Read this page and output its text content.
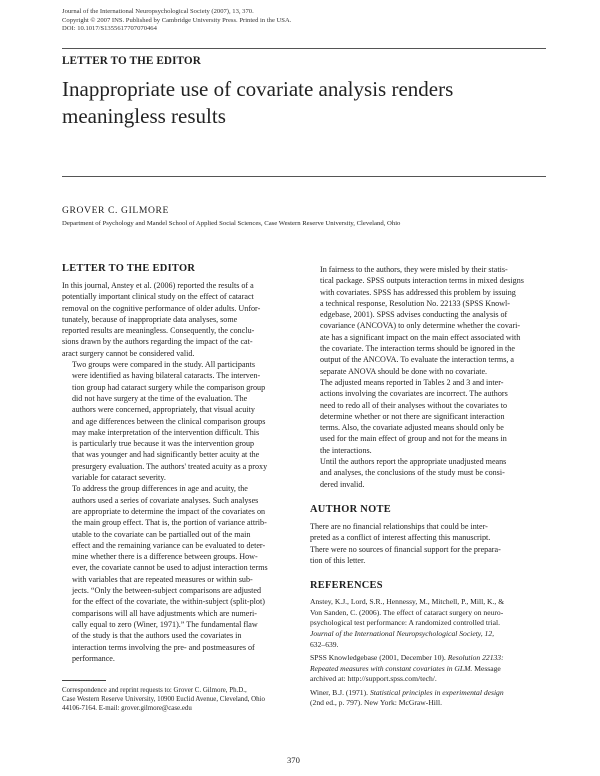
Journal of the International Neuropsychological Society (2007), 13, 370.
Copyright © 2007 INS. Published by Cambridge University Press. Printed in the USA.
DOI: 10.1017/S1355617707070464
LETTER TO THE EDITOR
Inappropriate use of covariate analysis renders
meaningless results
GROVER C. GILMORE
Department of Psychology and Mandel School of Applied Social Sciences, Case Western Reserve University, Cleveland, Ohio
LETTER TO THE EDITOR

In this journal, Anstey et al. (2006) reported the results of a
potentially important clinical study on the effect of cataract
removal on the cognitive performance of older adults. Unfor-
tunately, because of inappropriate data analyses, some
reported results are meaningless. Consequently, the conclu-
sions drawn by the authors regarding the impact of the cat-
aract surgery cannot be considered valid.

Two groups were compared in the study. All participants
were identified as having bilateral cataracts. The interven-
tion group had cataract surgery while the comparison group
did not have surgery at the time of the evaluation. The
authors were concerned, appropriately, that visual acuity
and age differences between the clinical comparison groups
may make interpretation of the intervention difficult. This
is particularly true because it was the intervention group
that was younger and had significantly better acuity at the
presurgery evaluation. The authors' treated acuity as a proxy
variable for cataract severity.

To address the group differences in age and acuity, the
authors used a series of covariate analyses. Such analyses
are appropriate to determine the impact of the covariates on
the main group effect. That is, the portion of variance attrib-
utable to the covariate can be partialled out of the main
effect and the remaining variance can be evaluated to deter-
mine whether there is a difference between groups. How-
ever, the covariate cannot be used to adjust interaction terms
with variables that are repeated measures or within sub-
jects. “Only the between-subject comparisons are adjusted
for the effect of the covariate, the within-subject (split-plot)
comparisons will all have adjustments which are numeri-
cally equal to zero (Winer, 1971).” The fundamental flaw
of the study is that the authors used the covariates in
interaction terms involving the pre- and postmeasures of
performance.

Correspondence and reprint requests to: Grover C. Gilmore, Ph.D.,
Case Western Reserve University, 10900 Euclid Avenue, Cleveland, Ohio
44106-7164. E-mail: grover.gilmore@case.edu

In fairness to the authors, they were misled by their statis-
tical package. SPSS outputs interaction terms in mixed designs
with covariates. SPSS has addressed this problem by issuing
a technical response, Resolution No. 22133 (SPSS Knowl-
edgebase, 2001). SPSS advises conducting the analysis of
covariance (ANCOVA) to only determine whether the covari-
ate has a significant impact on the main effect associated with
the covariate. The interaction terms should be ignored in the
output of the ANCOVA. To evaluate the interaction terms, a
separate ANOVA should be done with no covariate.

The adjusted means reported in Tables 2 and 3 and inter-
actions involving the covariates are incorrect. The authors
need to redo all of their analyses without the covariates to
determine whether or not there are significant interaction
terms. Also, the covariate adjusted means should only be
used for the main effect of group and not for the means in
the interactions.

Until the authors report the appropriate unadjusted means
and analyses, the conclusions of the study must be consi-
dered invalid.

AUTHOR NOTE

There are no financial relationships that could be inter-
preted as a conflict of interest affecting this manuscript.
There were no sources of financial support for the prepara-
tion of this letter.

REFERENCES
Anstey, K.J., Lord, S.R., Hennessy, M., Mitchell, P., Mill, K., &
Von Sanden, C. (2006). The effect of cataract surgery on neuro-
psychological test performance: A randomized controlled trial.
Journal of the International Neuropsychological Society, 12,
632–639.
SPSS Knowledgebase (2001, December 10). Resolution 22133:
Repeated measures with constant covariates in GLM. Message
archived at: http://support.spss.com/tech/.
Winer, B.J. (1971). Statistical principles in experimental design
(2nd ed., p. 797). New York: McGraw-Hill.
370
